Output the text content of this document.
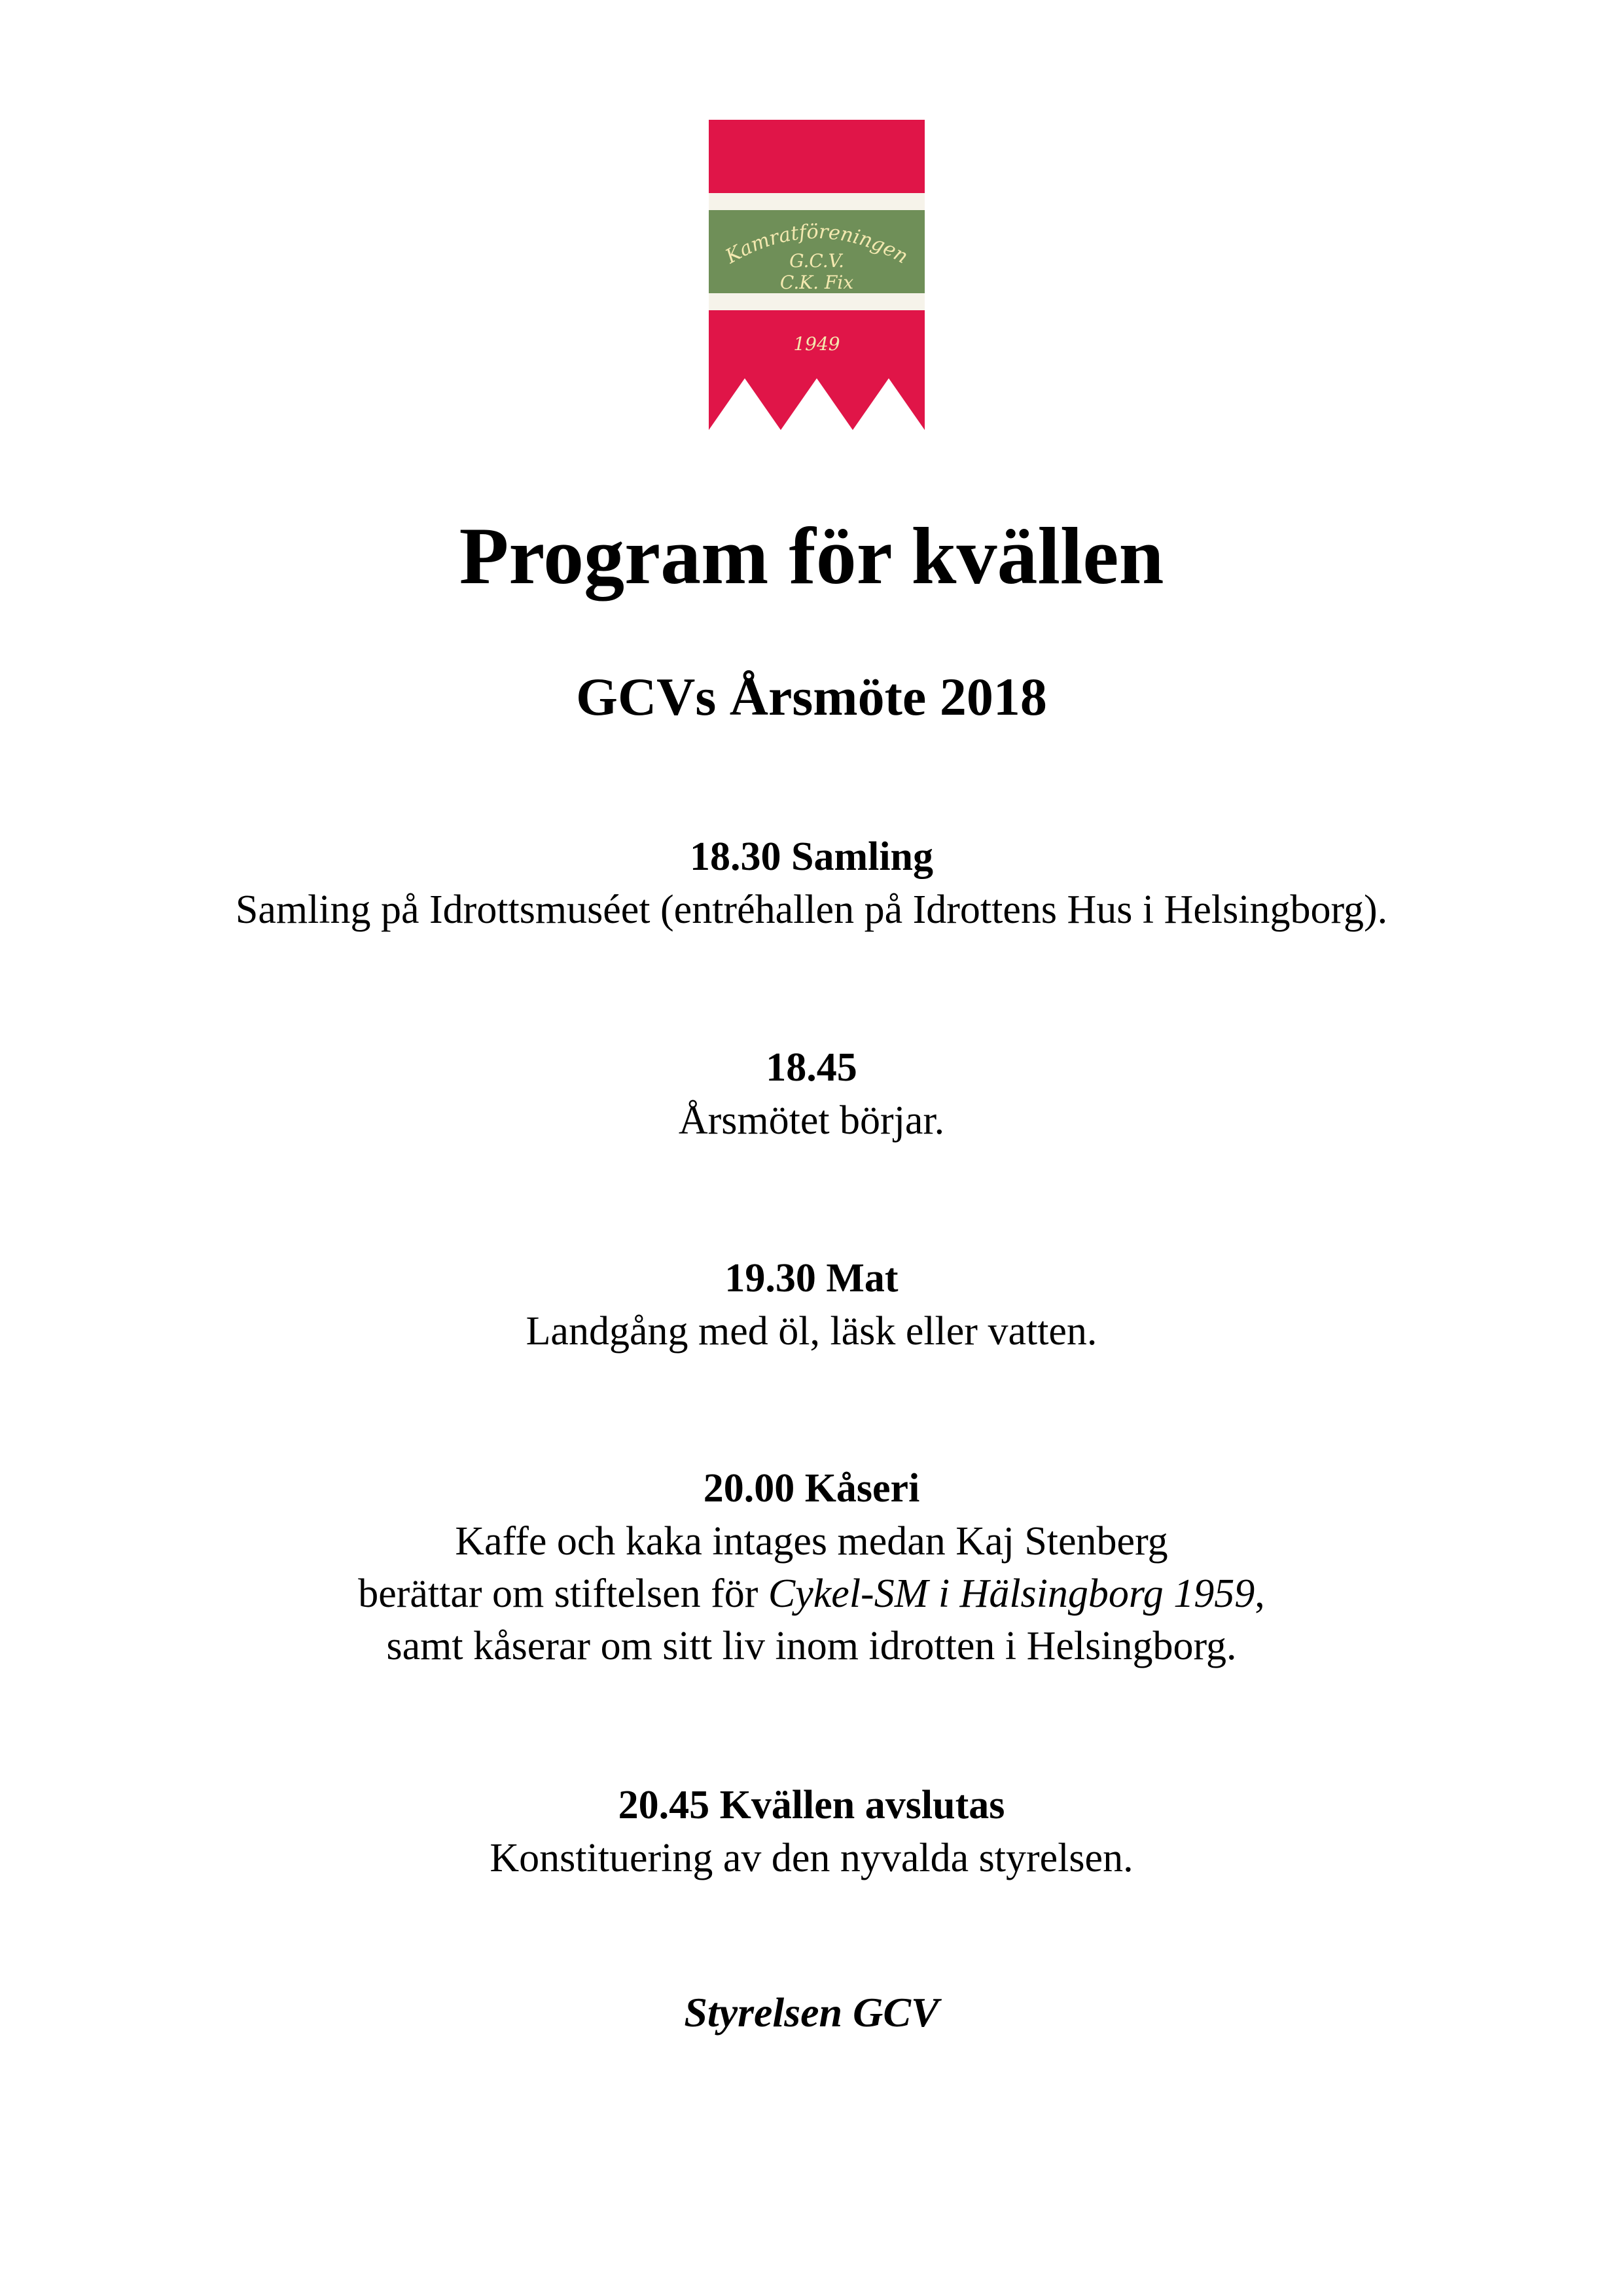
Kamratföreningen
G.C.V.
C.K. Fix
1949
Program för kvällen
GCVs Årsmöte 2018
18.30 Samling
Samling på Idrottsmuséet (entréhallen på Idrottens Hus i Helsingborg).
18.45
Årsmötet börjar.
19.30 Mat
Landgång med öl, läsk eller vatten.
20.00 Kåseri
Kaffe och kaka intages medan Kaj Stenberg
berättar om stiftelsen för Cykel-SM i Hälsingborg 1959,
samt kåserar om sitt liv inom idrotten i Helsingborg.
20.45 Kvällen avslutas
Konstituering av den nyvalda styrelsen.
Styrelsen GCV
